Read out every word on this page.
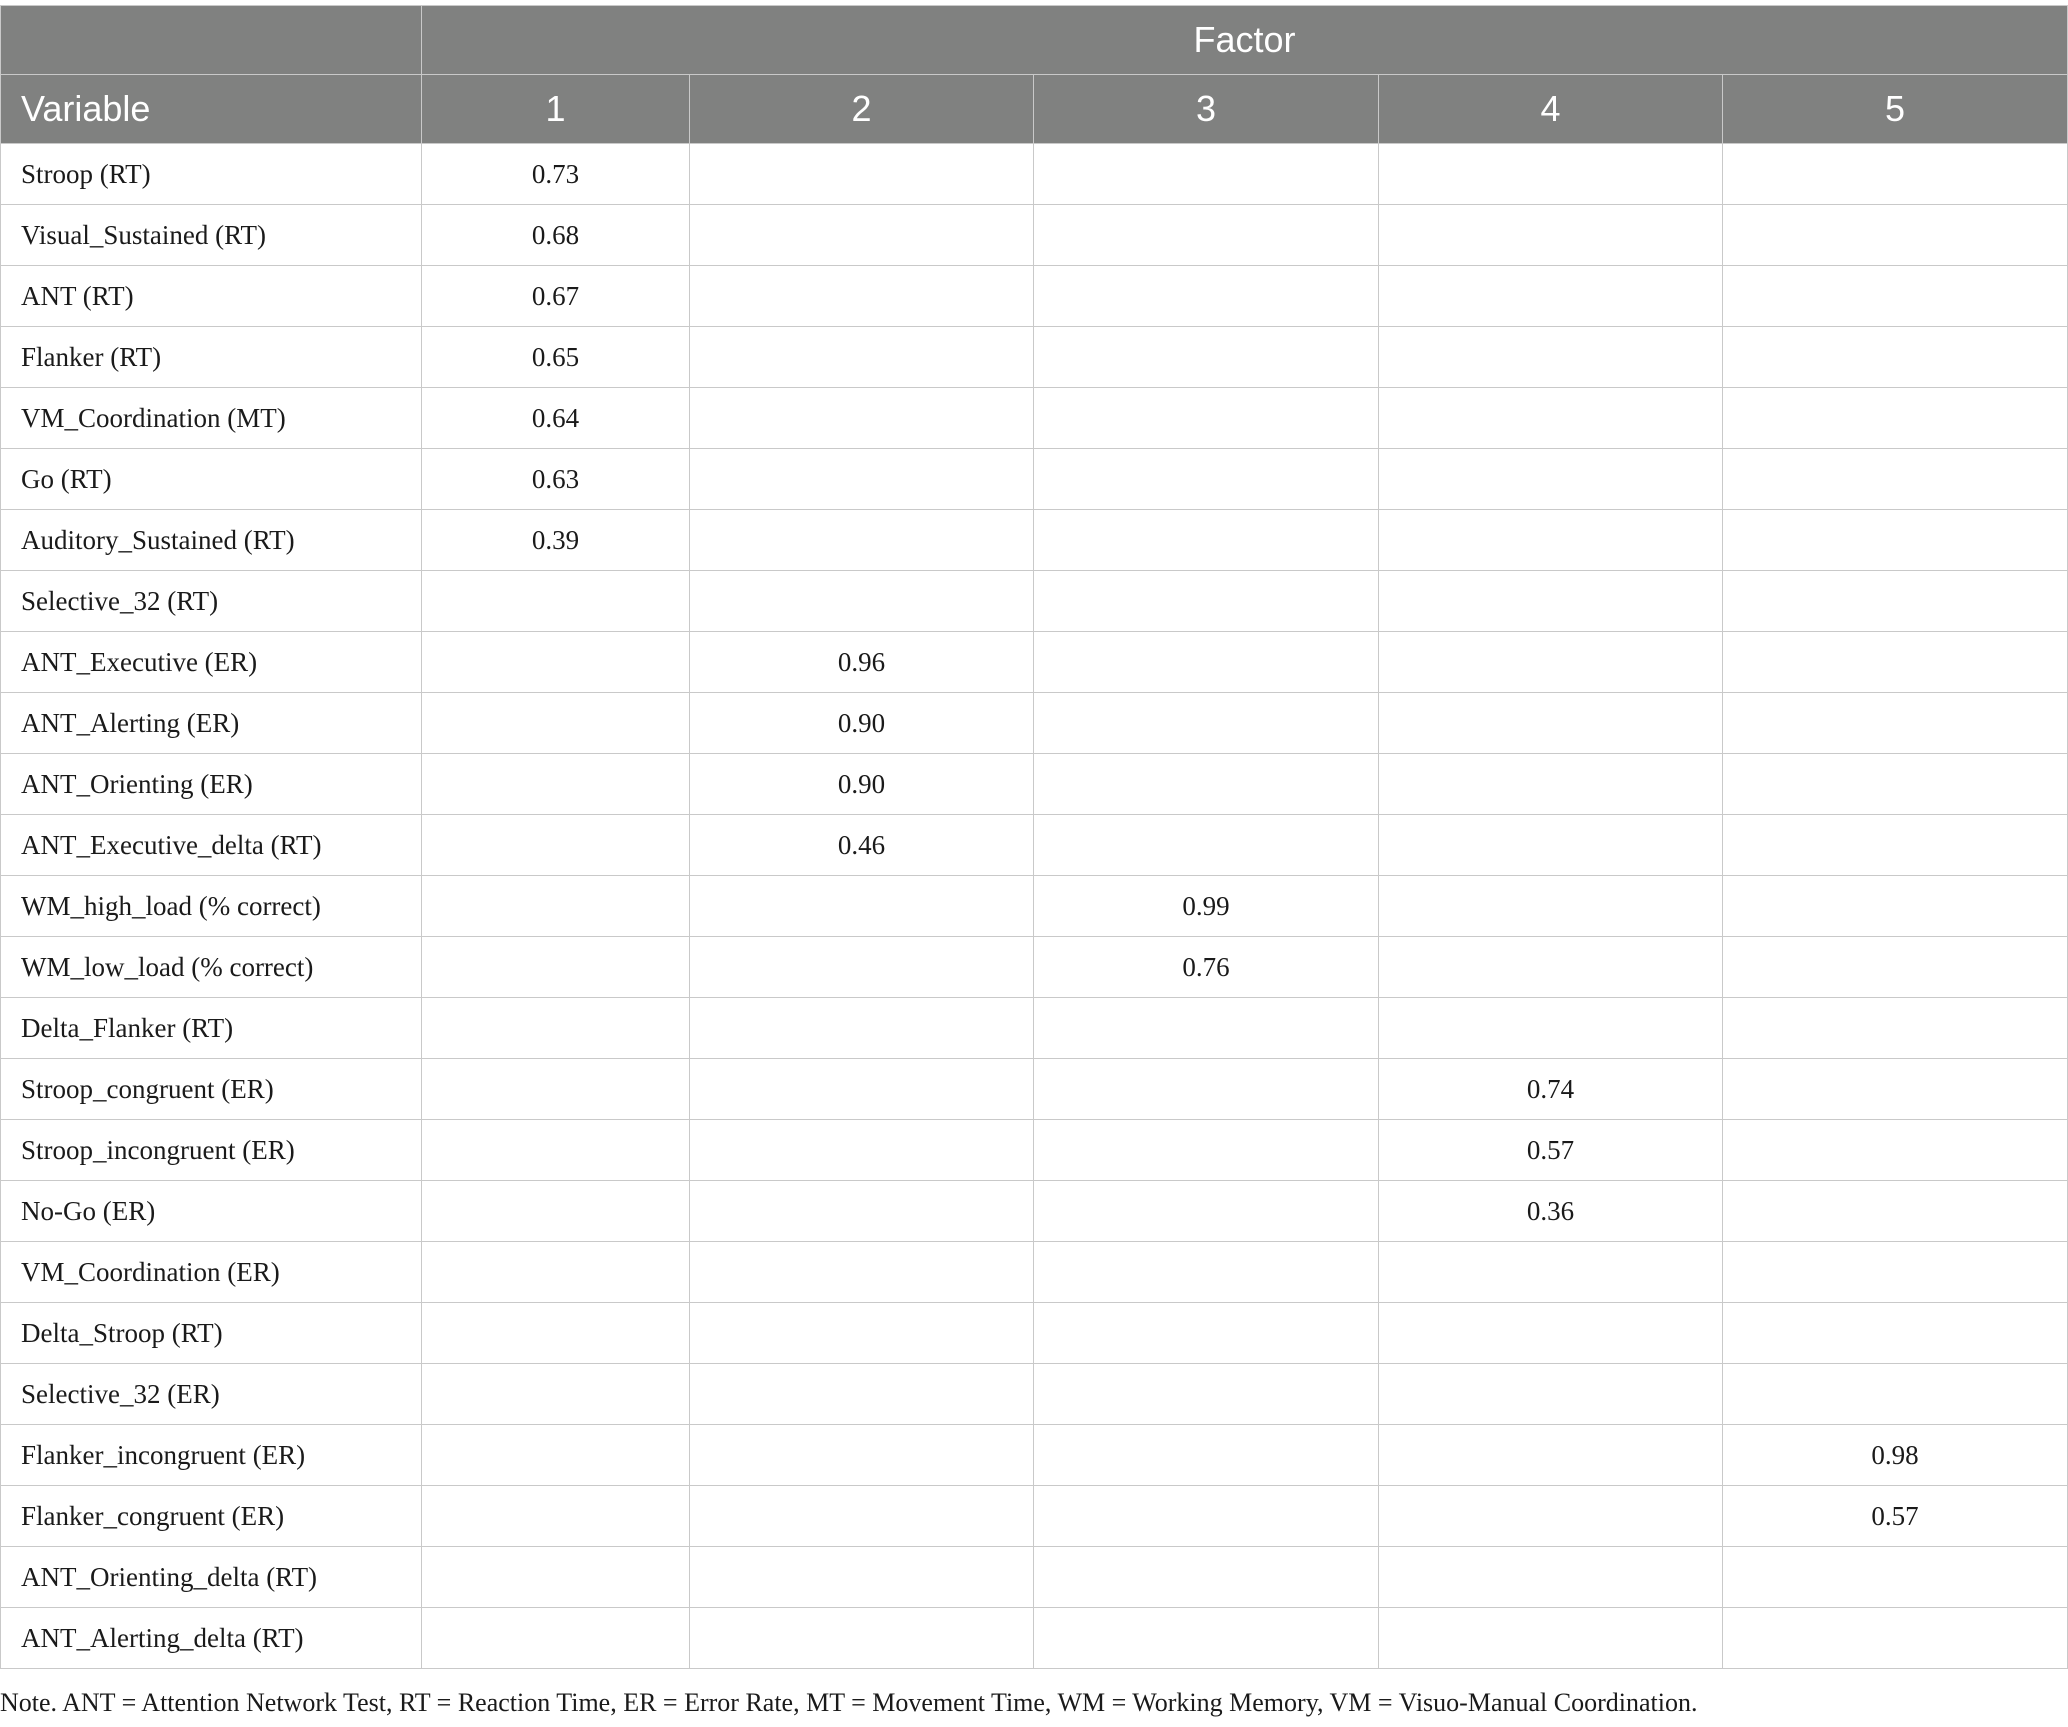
	Factor				
Variable	1	2	3	4	5
Stroop (RT)	0.73				
Visual_Sustained (RT)	0.68				
ANT (RT)	0.67				
Flanker (RT)	0.65				
VM_Coordination (MT)	0.64				
Go (RT)	0.63				
Auditory_Sustained (RT)	0.39				
Selective_32 (RT)					
ANT_Executive (ER)		0.96			
ANT_Alerting (ER)		0.90			
ANT_Orienting (ER)		0.90			
ANT_Executive_delta (RT)		0.46			
WM_high_load (% correct)			0.99		
WM_low_load (% correct)			0.76		
Delta_Flanker (RT)					
Stroop_congruent (ER)				0.74	
Stroop_incongruent (ER)				0.57	
No-Go (ER)				0.36	
VM_Coordination (ER)					
Delta_Stroop (RT)					
Selective_32 (ER)					
Flanker_incongruent (ER)					0.98
Flanker_congruent (ER)					0.57
ANT_Orienting_delta (RT)					
ANT_Alerting_delta (RT)					
Note. ANT = Attention Network Test, RT = Reaction Time, ER = Error Rate, MT = Movement Time, WM = Working Memory, VM = Visuo-Manual Coordination.
